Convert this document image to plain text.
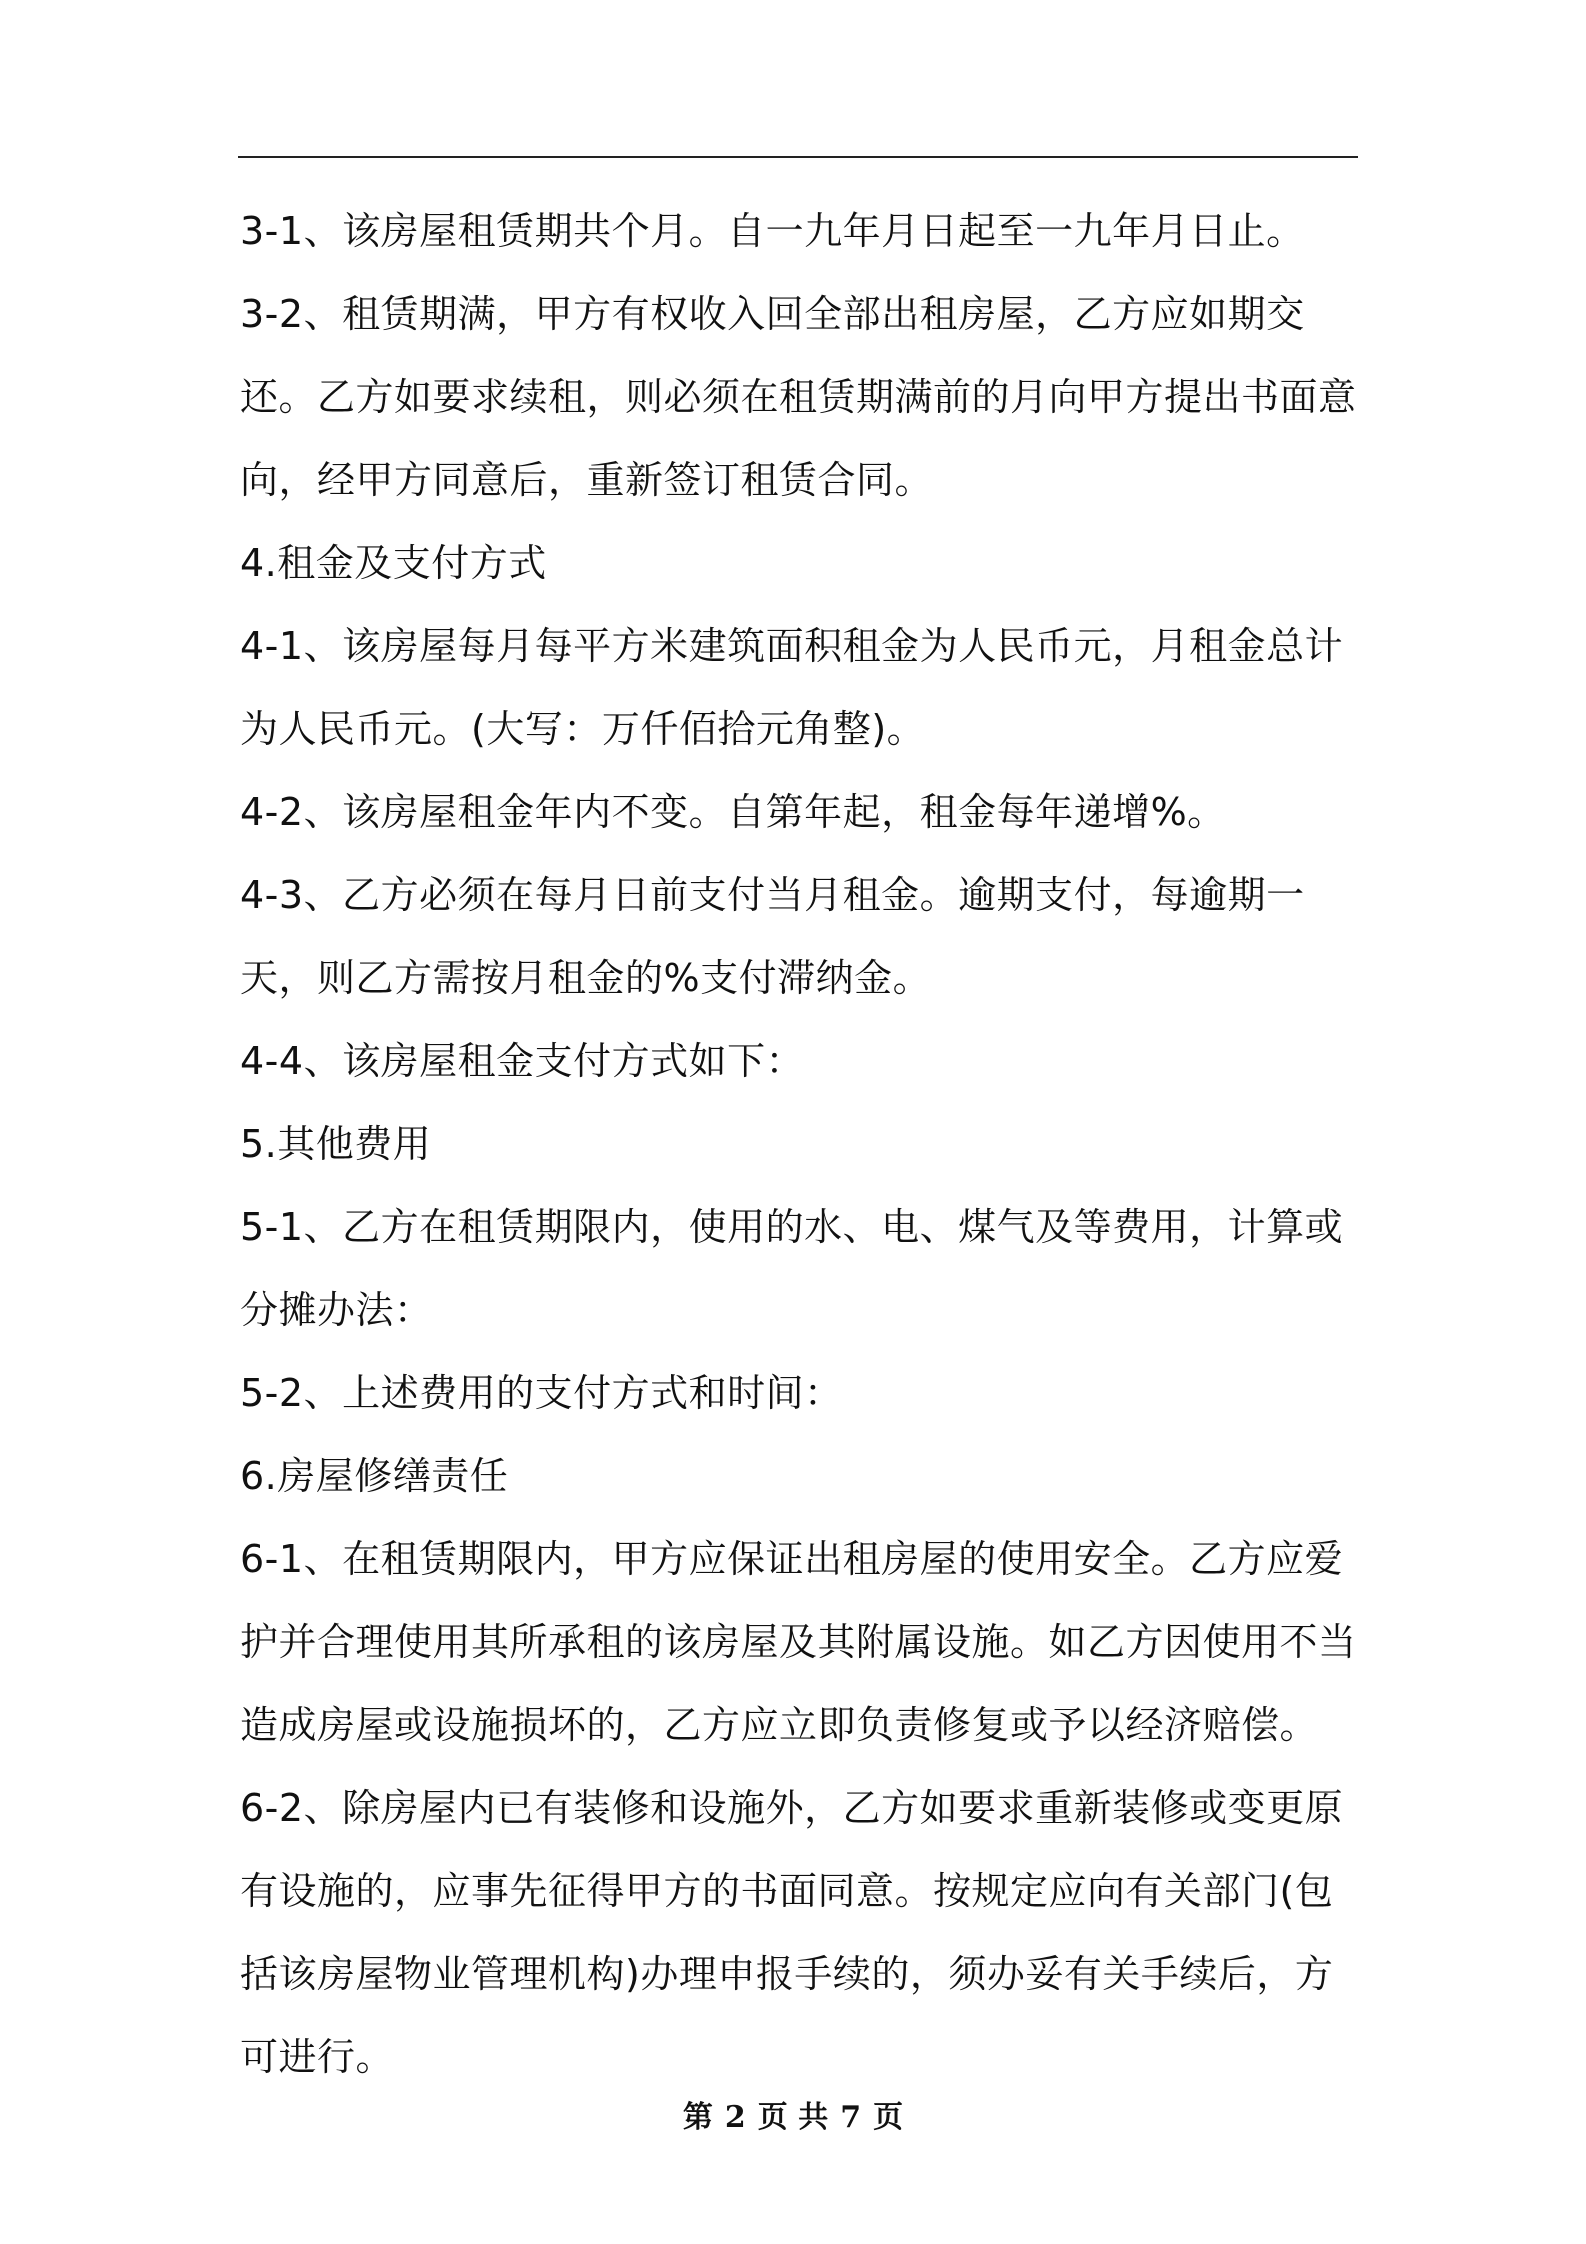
3-1、该房屋租赁期共个月。自一九年月日起至一九年月日止。

3-2、租赁期满，甲方有权收入回全部出租房屋，乙方应如期交还。乙方如要求续租，则必须在租赁期满前的月向甲方提出书面意向，经甲方同意后，重新签订租赁合同。

4.租金及支付方式

4-1、该房屋每月每平方米建筑面积租金为人民币元，月租金总计为人民币元。(大写：万仟佰拾元角整)。

4-2、该房屋租金年内不变。自第年起，租金每年递增%。

4-3、乙方必须在每月日前支付当月租金。逾期支付，每逾期一天，则乙方需按月租金的%支付滞纳金。

4-4、该房屋租金支付方式如下：

5.其他费用

5-1、乙方在租赁期限内，使用的水、电、煤气及等费用，计算或分摊办法：

5-2、上述费用的支付方式和时间：

6.房屋修缮责任

6-1、在租赁期限内，甲方应保证出租房屋的使用安全。乙方应爱护并合理使用其所承租的该房屋及其附属设施。如乙方因使用不当造成房屋或设施损坏的，乙方应立即负责修复或予以经济赔偿。

6-2、除房屋内已有装修和设施外，乙方如要求重新装修或变更原有设施的，应事先征得甲方的书面同意。按规定应向有关部门(包括该房屋物业管理机构)办理申报手续的，须办妥有关手续后，方可进行。

第 2 页 共 7 页
